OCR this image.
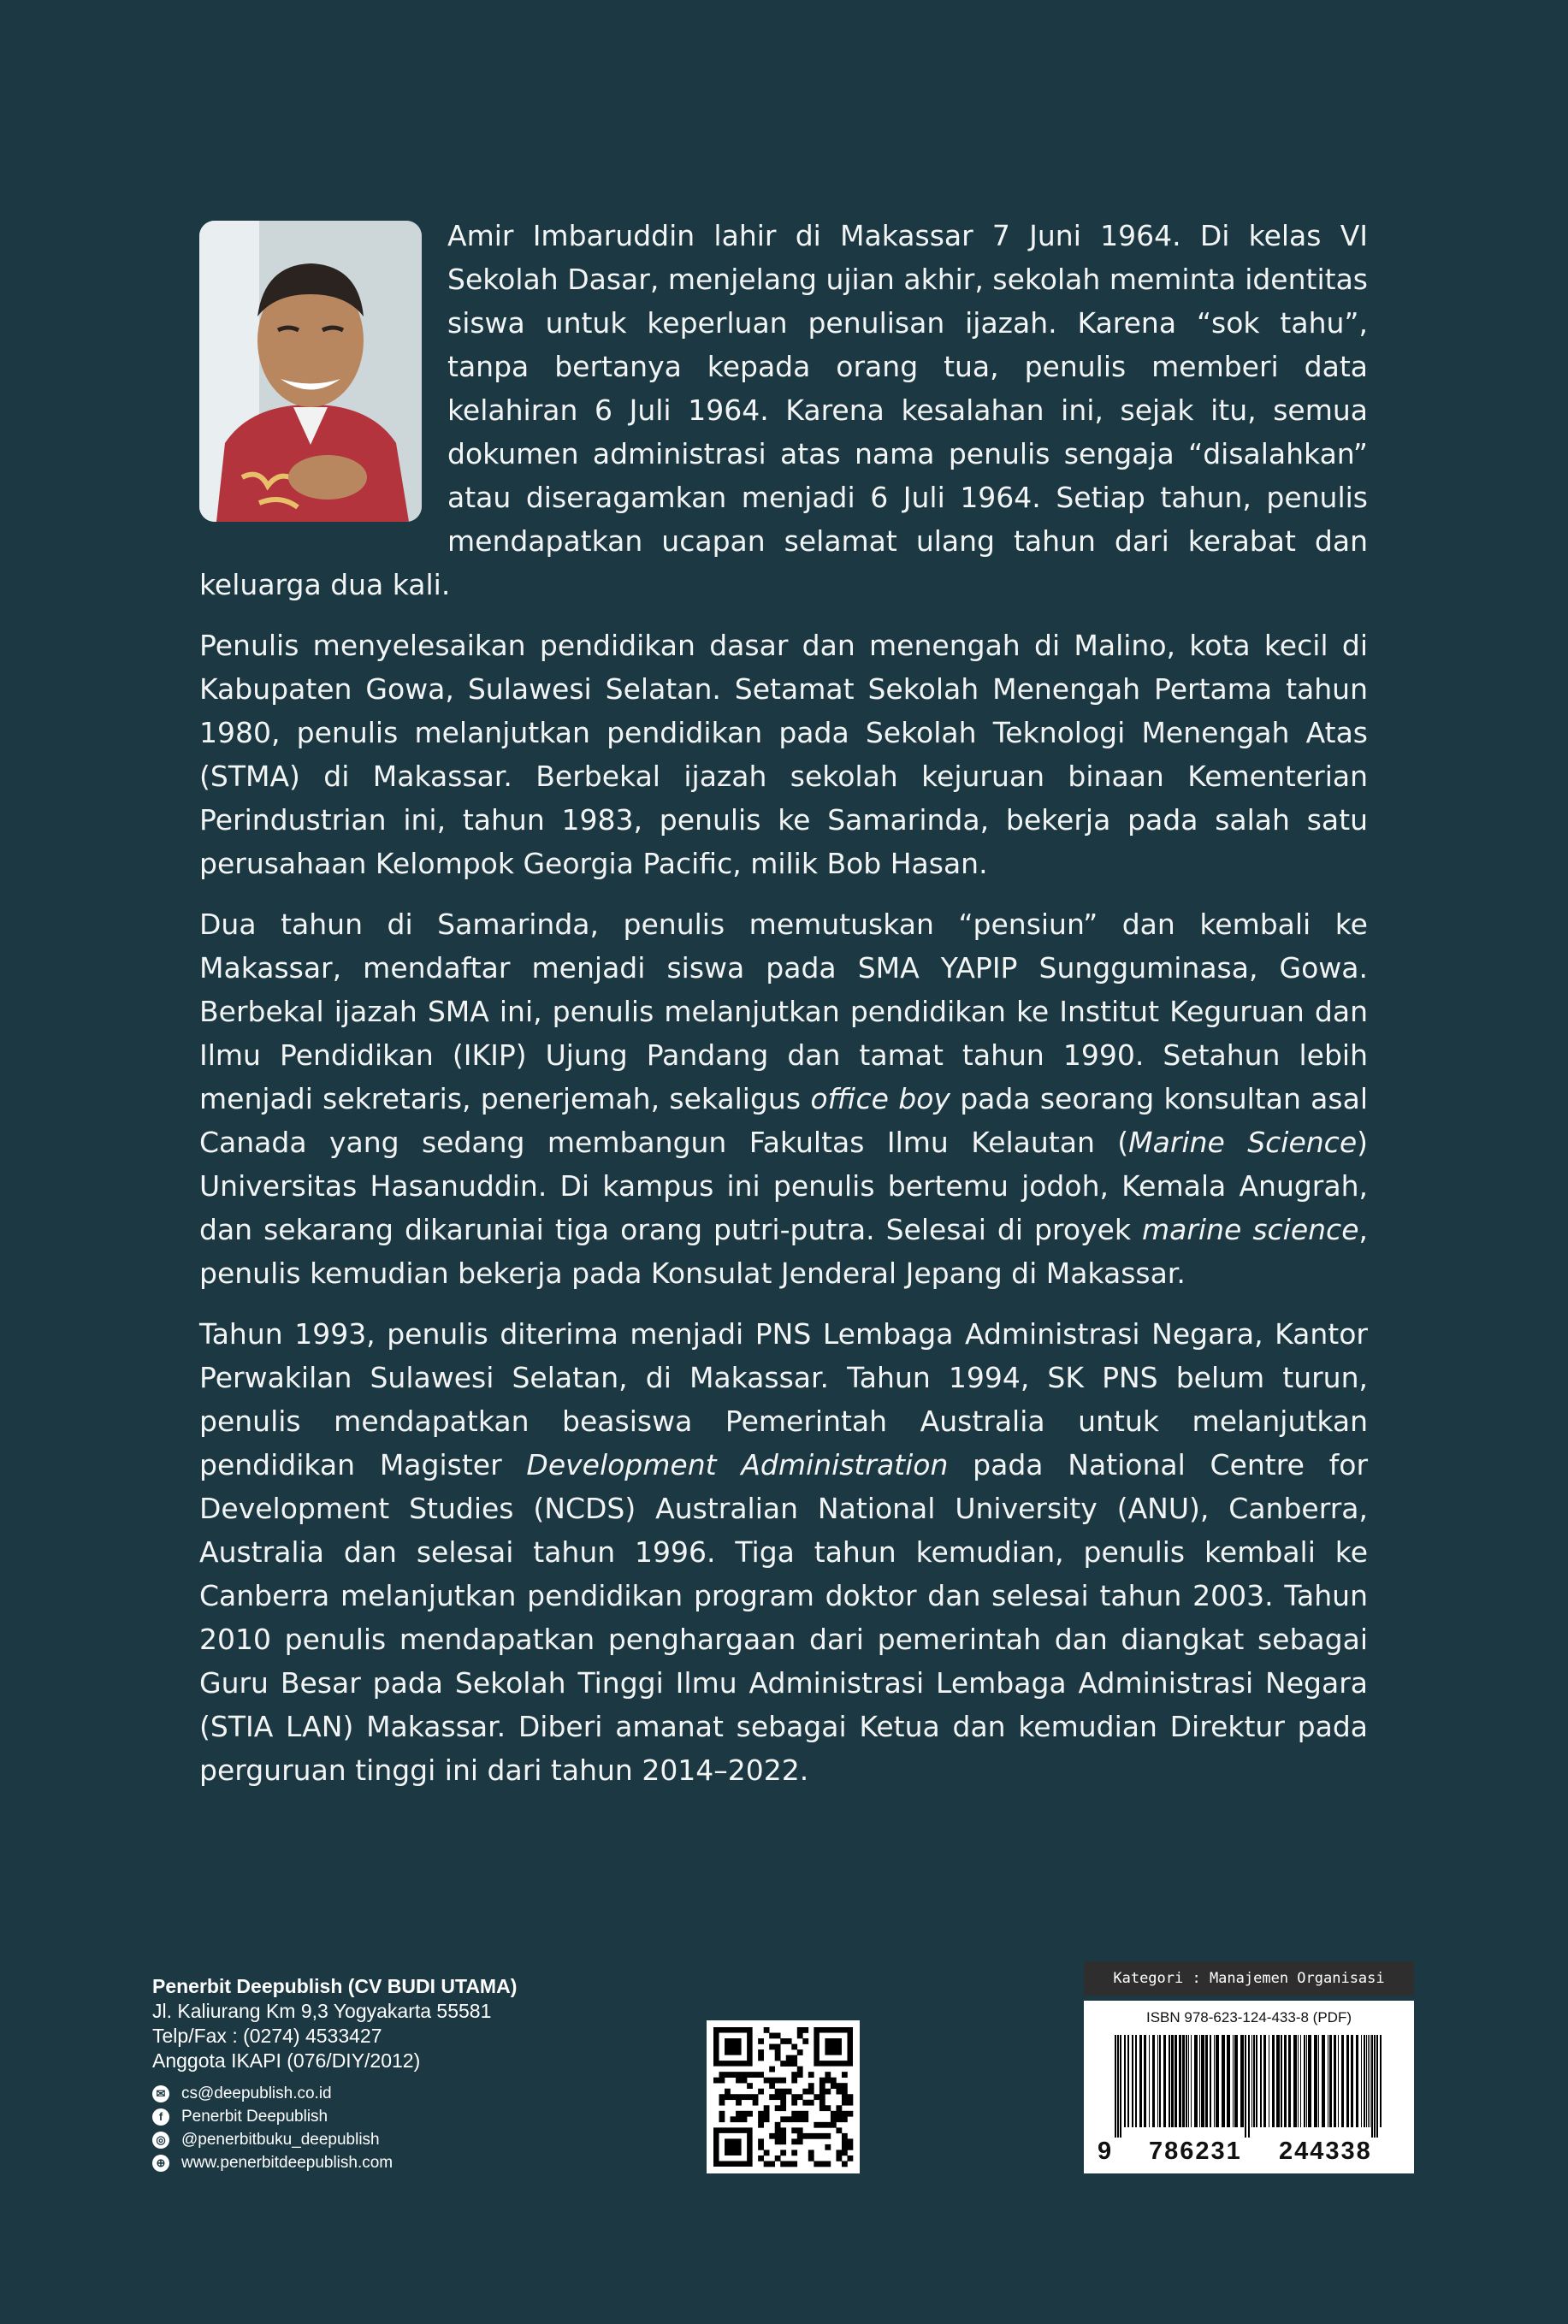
Amir Imbaruddin lahir di Makassar 7 Juni 1964. Di kelas VI Sekolah Dasar, menjelang ujian akhir, sekolah meminta identitas siswa untuk keperluan penulisan ijazah. Karena “sok tahu”, tanpa bertanya kepada orang tua, penulis memberi data kelahiran 6 Juli 1964. Karena kesalahan ini, sejak itu, semua dokumen administrasi atas nama penulis sengaja “disalahkan” atau diseragamkan menjadi 6 Juli 1964. Setiap tahun, penulis mendapatkan ucapan selamat ulang tahun dari kerabat dan keluarga dua kali.

Penulis menyelesaikan pendidikan dasar dan menengah di Malino, kota kecil di Kabupaten Gowa, Sulawesi Selatan. Setamat Sekolah Menengah Pertama tahun 1980, penulis melanjutkan pendidikan pada Sekolah Teknologi Menengah Atas (STMA) di Makassar. Berbekal ijazah sekolah kejuruan binaan Kementerian Perindustrian ini, tahun 1983, penulis ke Samarinda, bekerja pada salah satu perusahaan Kelompok Georgia Pacific, milik Bob Hasan.

Dua tahun di Samarinda, penulis memutuskan “pensiun” dan kembali ke Makassar, mendaftar menjadi siswa pada SMA YAPIP Sungguminasa, Gowa. Berbekal ijazah SMA ini, penulis melanjutkan pendidikan ke Institut Keguruan dan Ilmu Pendidikan (IKIP) Ujung Pandang dan tamat tahun 1990. Setahun lebih menjadi sekretaris, penerjemah, sekaligus office boy pada seorang konsultan asal Canada yang sedang membangun Fakultas Ilmu Kelautan (Marine Science) Universitas Hasanuddin. Di kampus ini penulis bertemu jodoh, Kemala Anugrah, dan sekarang dikaruniai tiga orang putri-putra. Selesai di proyek marine science, penulis kemudian bekerja pada Konsulat Jenderal Jepang di Makassar.

Tahun 1993, penulis diterima menjadi PNS Lembaga Administrasi Negara, Kantor Perwakilan Sulawesi Selatan, di Makassar. Tahun 1994, SK PNS belum turun, penulis mendapatkan beasiswa Pemerintah Australia untuk melanjutkan pendidikan Magister Development Administration pada National Centre for Development Studies (NCDS) Australian National University (ANU), Canberra, Australia dan selesai tahun 1996. Tiga tahun kemudian, penulis kembali ke Canberra melanjutkan pendidikan program doktor dan selesai tahun 2003. Tahun 2010 penulis mendapatkan penghargaan dari pemerintah dan diangkat sebagai Guru Besar pada Sekolah Tinggi Ilmu Administrasi Lembaga Administrasi Negara (STIA LAN) Makassar. Diberi amanat sebagai Ketua dan kemudian Direktur pada perguruan tinggi ini dari tahun 2014–2022.

Penerbit Deepublish (CV BUDI UTAMA)
Jl. Kaliurang Km 9,3 Yogyakarta 55581
Telp/Fax : (0274) 4533427
Anggota IKAPI (076/DIY/2012)
✉ cs@deepublish.co.id
f	Penerbit Deepublish
◎ @penerbitbuku_deepublish
⊕ www.penerbitdeepublish.com
Kategori : Manajemen Organisasi
ISBN 978-623-124-433-8 (PDF)
9 786231 244338
